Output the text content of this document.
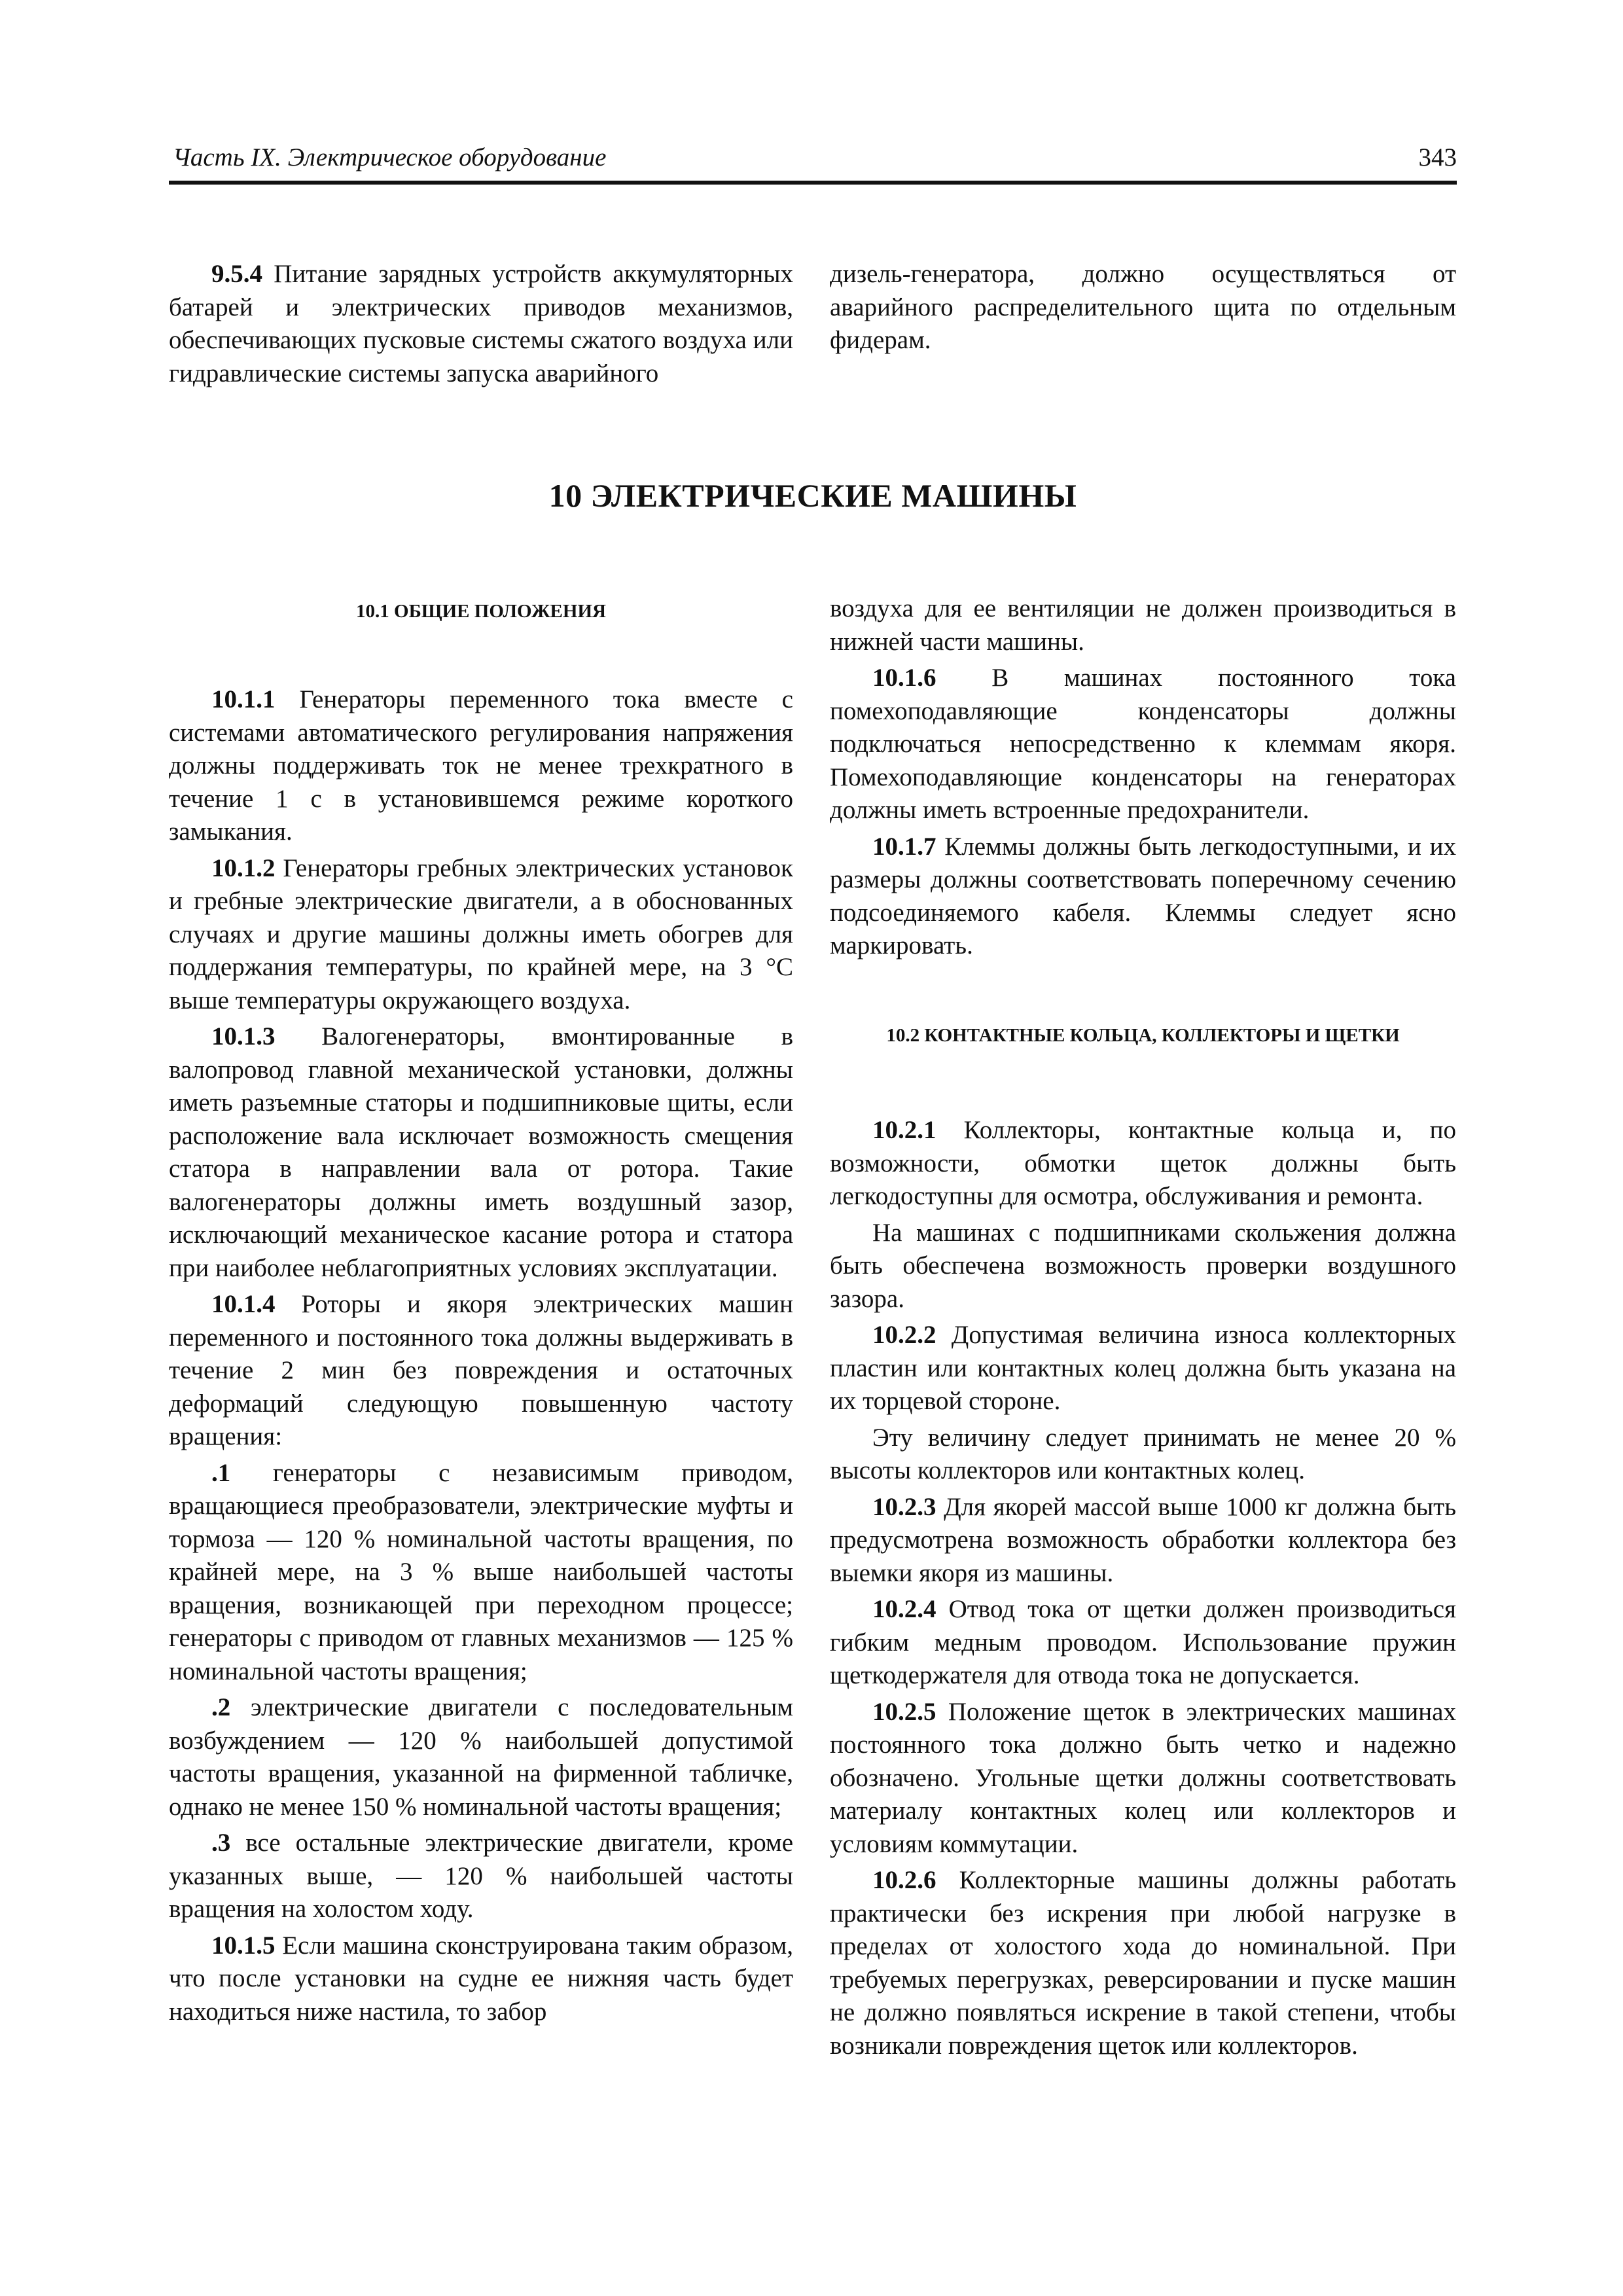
Часть IX. Электрическое оборудование	343

9.5.4 Питание зарядных устройств аккумуляторных батарей и электрических приводов механизмов, обеспечивающих пусковые системы сжатого воздуха или гидравлические системы запуска аварийного

дизель-генератора, должно осуществляться от аварийного распределительного щита по отдельным фидерам.

10 ЭЛЕКТРИЧЕСКИЕ МАШИНЫ
10.1 ОБЩИЕ ПОЛОЖЕНИЯ

10.1.1 Генераторы переменного тока вместе с системами автоматического регулирования напряжения должны поддерживать ток не менее трехкратного в течение 1 с в установившемся режиме короткого замыкания.

10.1.2 Генераторы гребных электрических установок и гребные электрические двигатели, а в обоснованных случаях и другие машины должны иметь обогрев для поддержания температуры, по крайней мере, на 3 °С выше температуры окружающего воздуха.

10.1.3 Валогенераторы, вмонтированные в валопровод главной механической установки, должны иметь разъемные статоры и подшипниковые щиты, если расположение вала исключает возможность смещения статора в направлении вала от ротора. Такие валогенераторы должны иметь воздушный зазор, исключающий механическое касание ротора и статора при наиболее неблагоприятных условиях эксплуатации.

10.1.4 Роторы и якоря электрических машин переменного и постоянного тока должны выдерживать в течение 2 мин без повреждения и остаточных деформаций следующую повышенную частоту вращения:

.1 генераторы с независимым приводом, вращающиеся преобразователи, электрические муфты и тормоза — 120 % номинальной частоты вращения, по крайней мере, на 3 % выше наибольшей частоты вращения, возникающей при переходном процессе; генераторы с приводом от главных механизмов — 125 % номинальной частоты вращения;

.2 электрические двигатели с последовательным возбуждением — 120 % наибольшей допустимой частоты вращения, указанной на фирменной табличке, однако не менее 150 % номинальной частоты вращения;

.3 все остальные электрические двигатели, кроме указанных выше, — 120 % наибольшей частоты вращения на холостом ходу.

10.1.5 Если машина сконструирована таким образом, что после установки на судне ее нижняя часть будет находиться ниже настила, то забор

воздуха для ее вентиляции не должен производиться в нижней части машины.

10.1.6 В машинах постоянного тока помехоподавляющие конденсаторы должны подключаться непосредственно к клеммам якоря. Помехоподавляющие конденсаторы на генераторах должны иметь встроенные предохранители.

10.1.7 Клеммы должны быть легкодоступными, и их размеры должны соответствовать поперечному сечению подсоединяемого кабеля. Клеммы следует ясно маркировать.

10.2 КОНТАКТНЫЕ КОЛЬЦА, КОЛЛЕКТОРЫ И ЩЕТКИ

10.2.1 Коллекторы, контактные кольца и, по возможности, обмотки щеток должны быть легкодоступны для осмотра, обслуживания и ремонта.

На машинах с подшипниками скольжения должна быть обеспечена возможность проверки воздушного зазора.

10.2.2 Допустимая величина износа коллекторных пластин или контактных колец должна быть указана на их торцевой стороне.

Эту величину следует принимать не менее 20 % высоты коллекторов или контактных колец.

10.2.3 Для якорей массой выше 1000 кг должна быть предусмотрена возможность обработки коллектора без выемки якоря из машины.

10.2.4 Отвод тока от щетки должен производиться гибким медным проводом. Использование пружин щеткодержателя для отвода тока не допускается.

10.2.5 Положение щеток в электрических машинах постоянного тока должно быть четко и надежно обозначено. Угольные щетки должны соответствовать материалу контактных колец или коллекторов и условиям коммутации.

10.2.6 Коллекторные машины должны работать практически без искрения при любой нагрузке в пределах от холостого хода до номинальной. При требуемых перегрузках, реверсировании и пуске машин не должно появляться искрение в такой степени, чтобы возникали повреждения щеток или коллекторов.
